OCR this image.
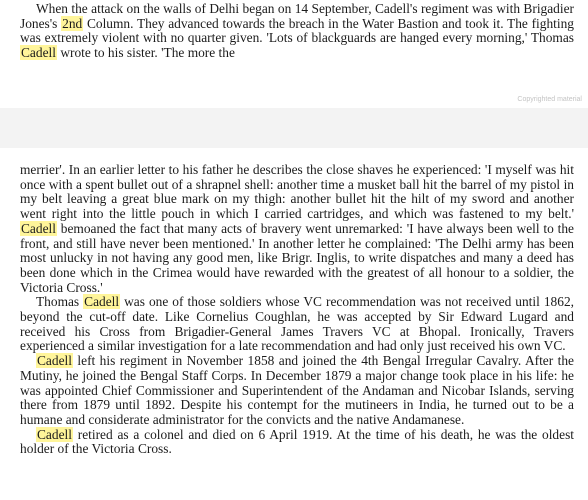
When the attack on the walls of Delhi began on 14 September, Cadell's regiment was with Brigadier Jones's 2nd Column. They advanced towards the breach in the Water Bastion and took it. The fighting was extremely violent with no quarter given. 'Lots of blackguards are hanged every morning,' Thomas Cadell wrote to his sister. 'The more the

Copyrighted material

merrier'. In an earlier letter to his father he describes the close shaves he experienced: 'I myself was hit once with a spent bullet out of a shrapnel shell: another time a musket ball hit the barrel of my pistol in my belt leaving a great blue mark on my thigh: another bullet hit the hilt of my sword and another went right into the little pouch in which I carried cartridges, and which was fastened to my belt.' Cadell bemoaned the fact that many acts of bravery went unremarked: 'I have always been well to the front, and still have never been mentioned.' In another letter he complained: 'The Delhi army has been most unlucky in not having any good men, like Brigr. Inglis, to write dispatches and many a deed has been done which in the Crimea would have rewarded with the greatest of all honour to a soldier, the Victoria Cross.'

Thomas Cadell was one of those soldiers whose VC recommendation was not received until 1862, beyond the cut-off date. Like Cornelius Coughlan, he was accepted by Sir Edward Lugard and received his Cross from Brigadier-General James Travers VC at Bhopal. Ironically, Travers experienced a similar investigation for a late recommendation and had only just received his own VC.

Cadell left his regiment in November 1858 and joined the 4th Bengal Irregular Cavalry. After the Mutiny, he joined the Bengal Staff Corps. In December 1879 a major change took place in his life: he was appointed Chief Commissioner and Superintendent of the Andaman and Nicobar Islands, serving there from 1879 until 1892. Despite his contempt for the mutineers in India, he turned out to be a humane and considerate administrator for the convicts and the native Andamanese.

Cadell retired as a colonel and died on 6 April 1919. At the time of his death, he was the oldest holder of the Victoria Cross.
